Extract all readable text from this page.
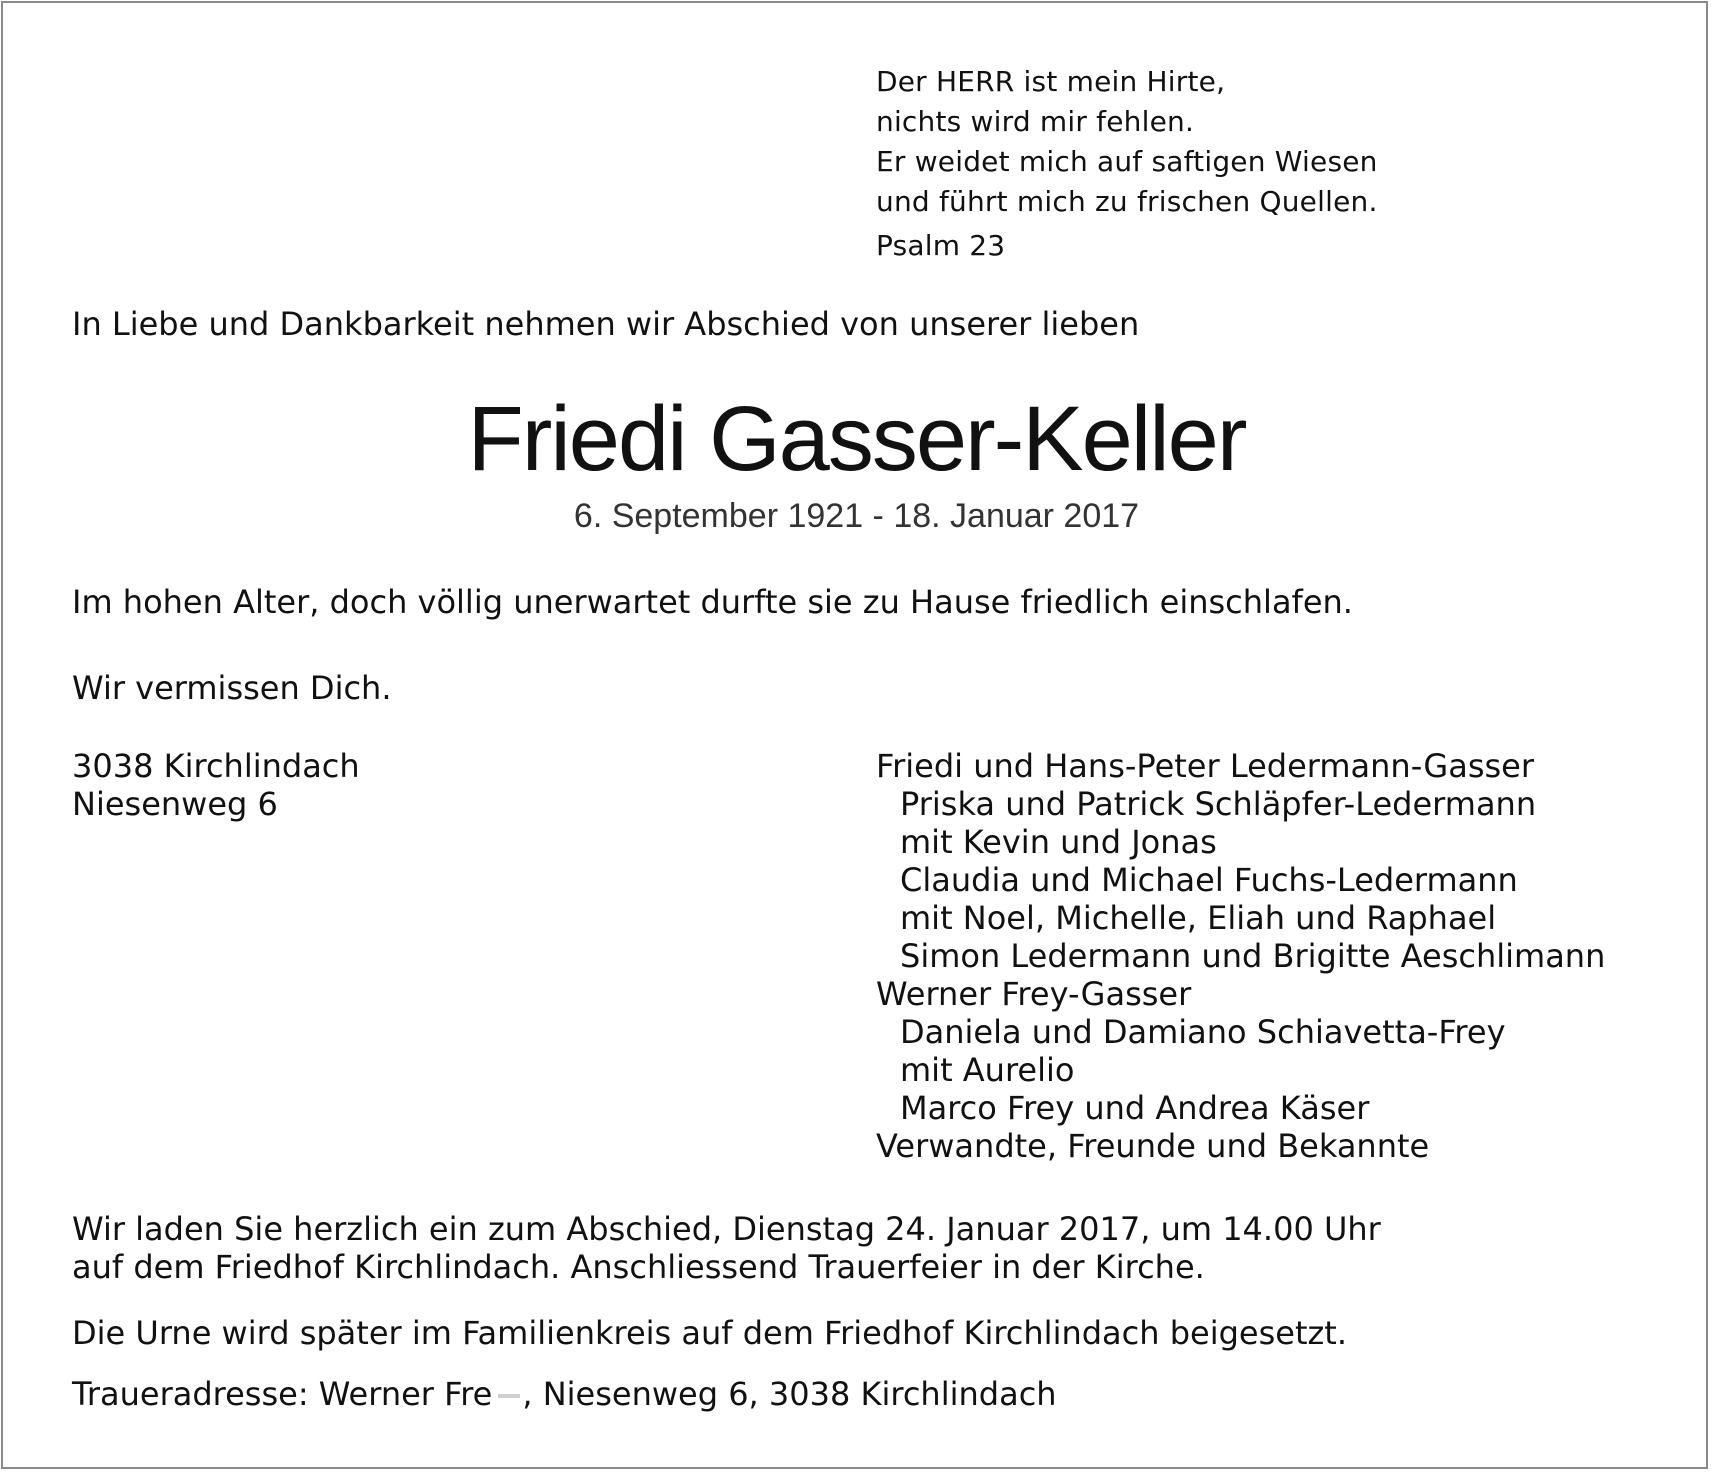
Der HERR ist mein Hirte,
nichts wird mir fehlen.
Er weidet mich auf saftigen Wiesen
und führt mich zu frischen Quellen.
Psalm 23
In Liebe und Dankbarkeit nehmen wir Abschied von unserer lieben
Friedi Gasser-Keller
6. September 1921 - 18. Januar 2017
Im hohen Alter, doch völlig unerwartet durfte sie zu Hause friedlich einschlafen.
Wir vermissen Dich.
3038 Kirchlindach
Niesenweg 6
Friedi und Hans-Peter Ledermann-Gasser
Priska und Patrick Schläpfer-Ledermann
mit Kevin und Jonas
Claudia und Michael Fuchs-Ledermann
mit Noel, Michelle, Eliah und Raphael
Simon Ledermann und Brigitte Aeschlimann
Werner Frey-Gasser
Daniela und Damiano Schiavetta-Frey
mit Aurelio
Marco Frey und Andrea Käser
Verwandte, Freunde und Bekannte
Wir laden Sie herzlich ein zum Abschied, Dienstag 24. Januar 2017, um 14.00 Uhr
auf dem Friedhof Kirchlindach. Anschliessend Trauerfeier in der Kirche.
Die Urne wird später im Familienkreis auf dem Friedhof Kirchlindach beigesetzt.
Traueradresse: Werner Fre , Niesenweg 6, 3038 Kirchlindach
